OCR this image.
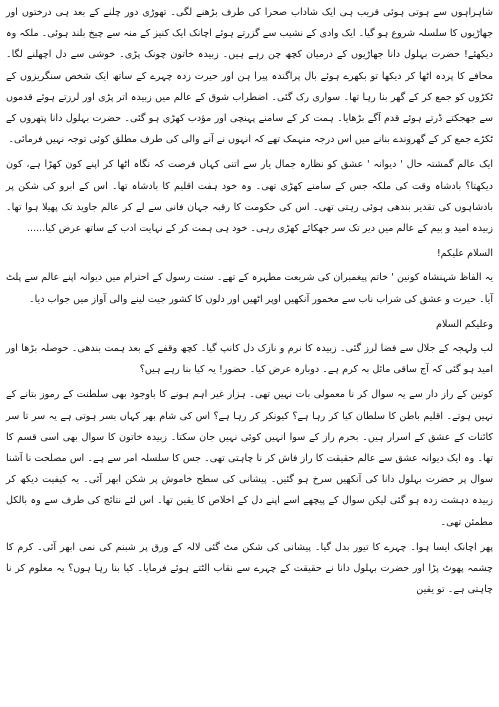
شاہراہوں سے ہوتی ہوئی قریب ہی ایک شاداب صحرا کی طرف بڑھنے لگی۔ تھوڑی دور چلنے کے بعد ہی درختوں اور جھاڑیوں کا سلسلہ شروع ہو گیا۔ ایک وادی کے نشیب سے گزرتے ہوئے اچانک ایک کنیز کے منہ سے چیخ بلند ہوئی۔ ملکہ وہ دیکھئے! حضرت بہلول دانا جھاڑیوں کے درمیان کچھ چن رہے ہیں۔ زبیدہ خاتون چونک پڑی۔ خوشی سے دل اچھلنے لگا۔ محافے کا پردہ اٹھا کر دیکھا تو بکھرے ہوئے بال پراگندہ پیرا ہن اور حیرت زدہ چہرے کے ساتھ ایک شخص سنگریزوں کے ٹکڑوں کو جمع کر کے گھر بنا رہا تھا۔ سواری رک گئی۔ اضطراب شوق کے عالم میں زبیدہ اتر پڑی اور لرزتے ہوئے قدموں سے جھجکتے ڈرتے ہوئے قدم آگے بڑھایا۔ ہمت کر کے سامنے پہنچی اور مؤدب کھڑی ہو گئی۔ حضرت بہلول دانا پتھروں کے ٹکڑے جمع کر کے گھروندے بنانے میں اس درجہ منہمک تھے کہ انہوں نے آنے والی کی طرف مطلق کوئی توجہ نہیں فرمائی۔

ایک عالم گمشتہ حال ' دیوانہ ' عشق کو نظارہ جمال یار سے اتنی کہاں فرصت کہ نگاہ اٹھا کر اپنے کون کھڑا ہے، کون دیکھتا؟ بادشاہ وقت کی ملکہ جس کے سامنے کھڑی تھی۔ وہ خود ہفت اقلیم کا بادشاہ تھا۔ اس کے ابرو کی شکن پر بادشاہوں کی تقدیر بندھی ہوئی رہتی تھی۔ اس کی حکومت کا رقبہ جہان فانی سے لے کر عالم جاوید تک پھیلا ہوا تھا۔ زبیدہ امید و بیم کے عالم میں دیر تک سر جھکائے کھڑی رہی۔ خود ہی ہمت کر کے نہایت ادب کے ساتھ عرض کیا......

السلام علیکم!

یہ الفاظ شہنشاہ کونین ' خاتم پیغمبران کی شریعت مطہرہ کے تھے۔ سنت رسول کے احترام میں دیوانہ اپنے عالم سے پلٹ آیا۔ حیرت و عشق کی شراب ناب سے مخمور آنکھیں اوپر اٹھیں اور دلوں کا کشور جیت لینے والی آواز میں جواب دیا۔

وعلیکم السلام

لب ولہجہ کے جلال سے فضا لرز گئی۔ زبیدہ کا نرم و نازک دل کانپ گیا۔ کچھ وقفے کے بعد ہمت بندھی۔ حوصلہ بڑھا اور امید ہو گئی کہ آج ساقی مائل بہ کرم ہے۔ دوبارہ عرض کیا۔ حضور! یہ کیا بنا رہے ہیں؟

کونین کے راز دار سے یہ سوال کر نا معمولی بات نہیں تھی۔ ہزار غیر اہم ہونے کا باوجود بھی سلطنت کے رموز بتانے کے نہیں ہوتے۔ اقلیم باطن کا سلطان کیا کر رہا ہے؟ کیونکر کر رہا ہے؟ اس کی شام بھر کہاں بسر ہوتی ہے یہ سر تا سر کائنات کے عشق کے اسرار ہیں۔ بحرم راز کے سوا انہیں کوئی نہیں جان سکتا۔ زبیدہ خاتون کا سوال بھی اسی قسم کا تھا۔ وہ ایک دیوانہ عشق سے عالم حقیقت کا راز فاش کر نا چاہتی تھی۔ جس کا سلسلہ امر سے ہے۔ اس مصلحت نا آشنا سوال پر حضرت بہلول دانا کی آنکھیں سرخ ہو گئیں۔ پیشانی کی سطح خاموش پر شکن ابھر آئی۔ یہ کیفیت دیکھ کر زبیدہ دہشت زدہ ہو گئی لیکن سوال کے پیچھے اسے اپنے دل کے اخلاص کا یقین تھا۔ اس لئے نتائج کی طرف سے وہ بالکل مطمئن تھی۔

پھر اچانک ایسا ہوا۔ چہرے کا تیور بدل گیا۔ پیشانی کی شکن مٹ گئی لالہ کے ورق پر شبنم کی نمی ابھر آئی۔ کرم کا چشمہ پھوٹ پڑا اور حضرت بہلول دانا نے حقیقت کے چہرے سے نقاب الٹتے ہوئے فرمایا۔ کیا بنا رہا ہوں؟ یہ معلوم کر نا چاہتی ہے۔ تو یقین
